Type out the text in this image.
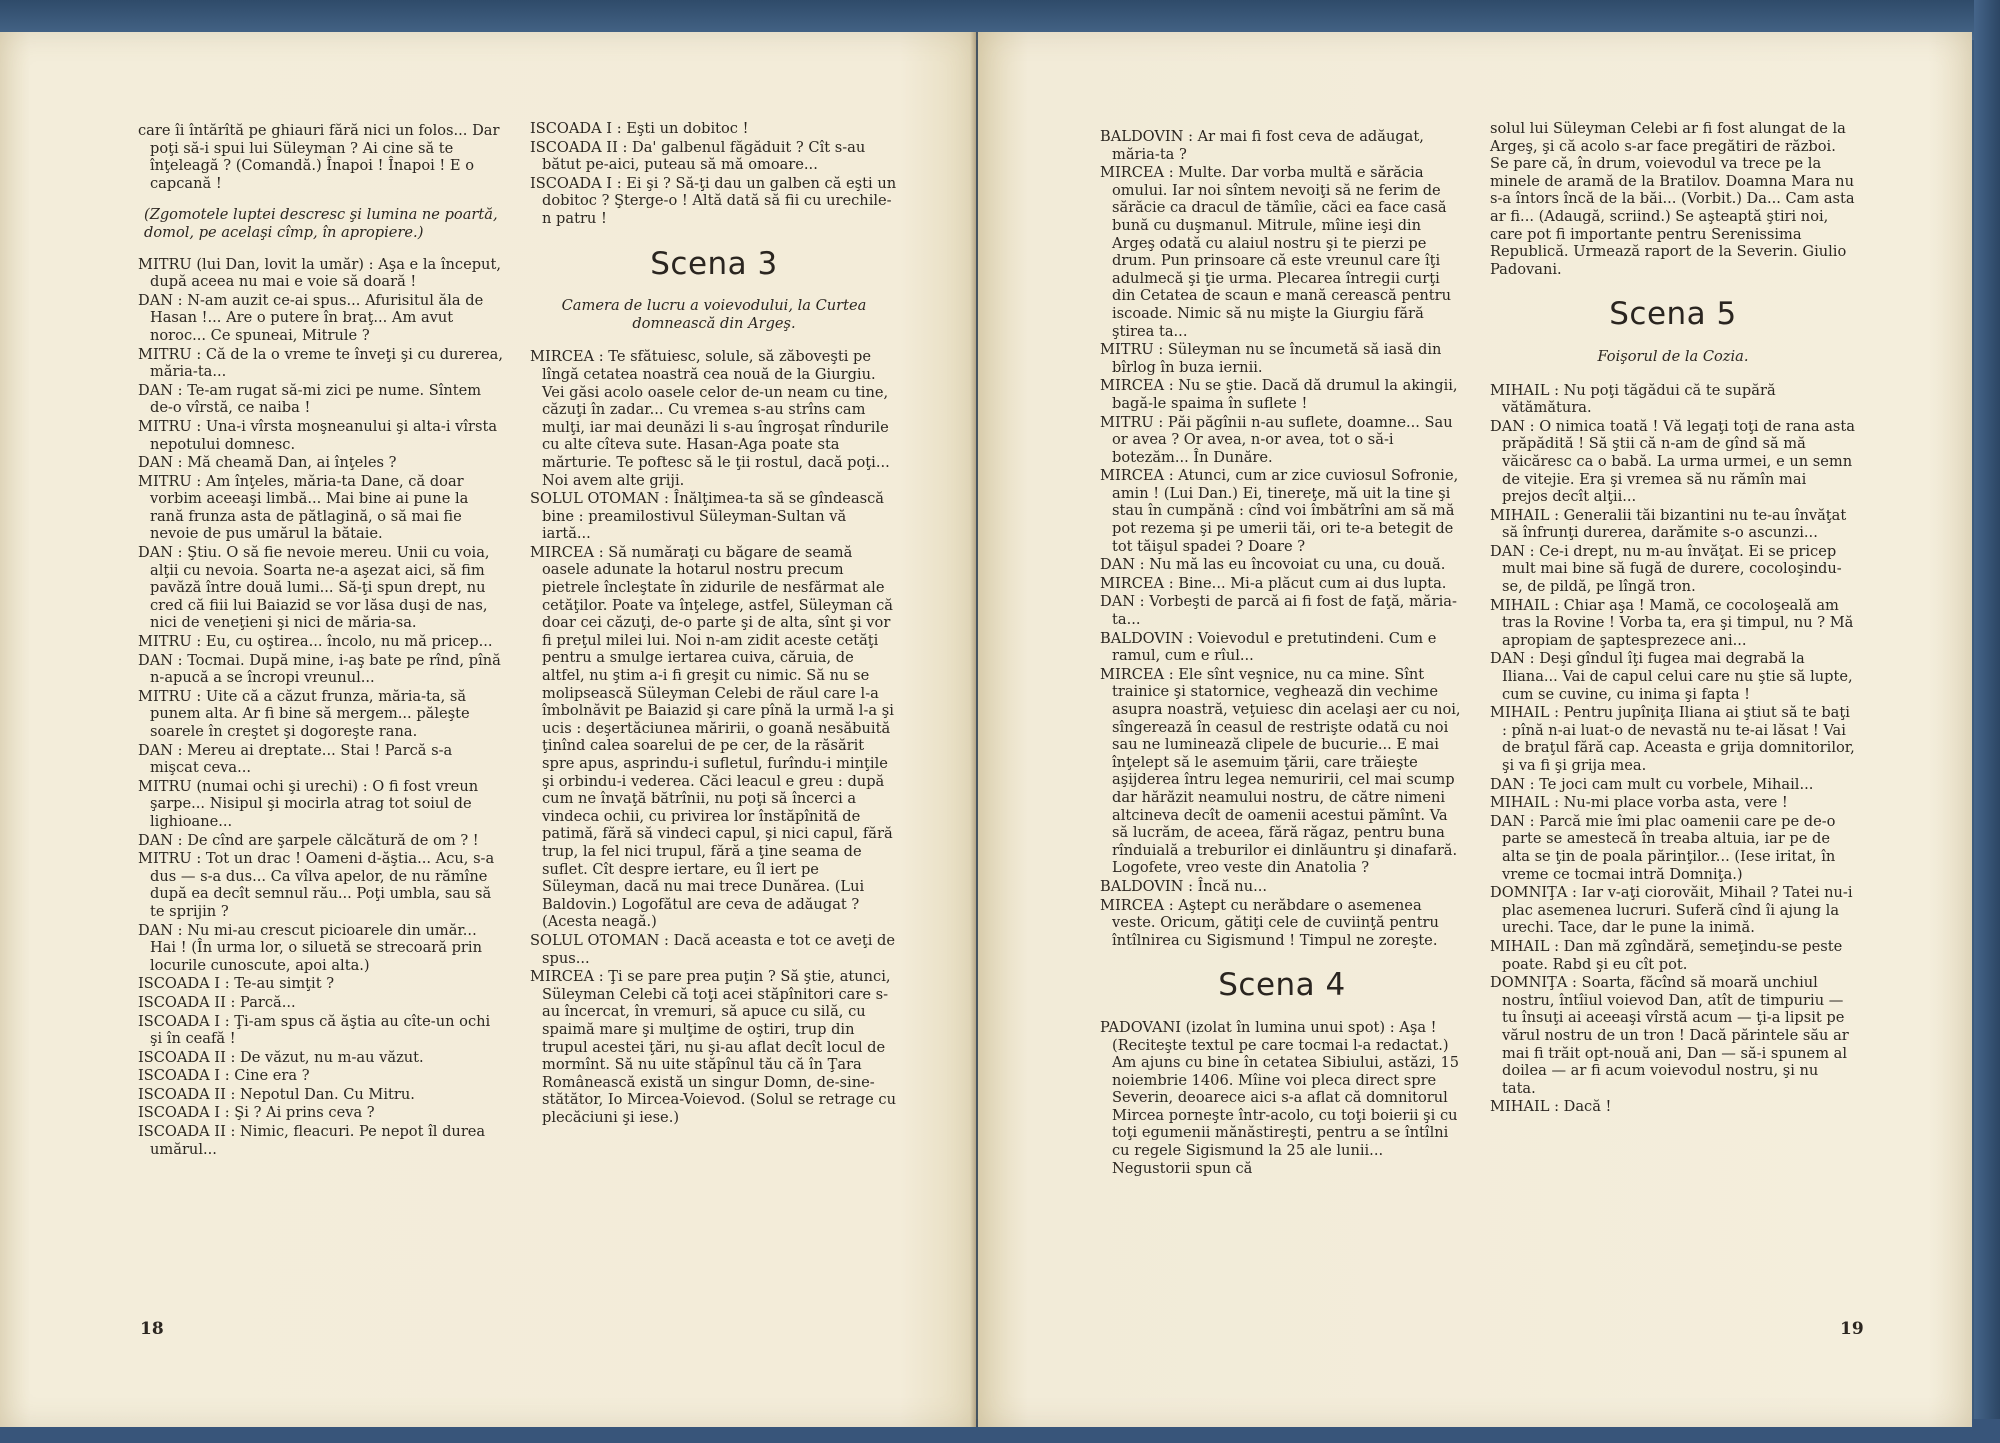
care îi întărîtă pe ghiauri fără nici un folos... Dar poţi să-i spui lui Süleyman ? Ai cine să te înţeleagă ? (Comandă.) Înapoi ! Înapoi ! E o capcană !

(Zgomotele luptei descresc şi lumina ne poartă, domol, pe acelaşi cîmp, în apropiere.)

MITRU (lui Dan, lovit la umăr) : Aşa e la început, după aceea nu mai e voie să doară !

DAN : N-am auzit ce-ai spus... Afurisitul ăla de Hasan !... Are o putere în braţ... Am avut noroc... Ce spuneai, Mitrule ?

MITRU : Că de la o vreme te înveţi şi cu durerea, măria-ta...

DAN : Te-am rugat să-mi zici pe nume. Sîntem de-o vîrstă, ce naiba !

MITRU : Una-i vîrsta moşneanului şi alta-i vîrsta nepotului domnesc.

DAN : Mă cheamă Dan, ai înţeles ?

MITRU : Am înţeles, măria-ta Dane, că doar vorbim aceeaşi limbă... Mai bine ai pune la rană frunza asta de pătlagină, o să mai fie nevoie de pus umărul la bătaie.

DAN : Ştiu. O să fie nevoie mereu. Unii cu voia, alţii cu nevoia. Soarta ne-a aşezat aici, să fim pavăză între două lumi... Să-ţi spun drept, nu cred că fiii lui Baiazid se vor lăsa duşi de nas, nici de veneţieni şi nici de măria-sa.

MITRU : Eu, cu oştirea... încolo, nu mă pricep...

DAN : Tocmai. După mine, i-aş bate pe rînd, pînă n-apucă a se încropi vreunul...

MITRU : Uite că a căzut frunza, măria-ta, să punem alta. Ar fi bine să mergem... păleşte soarele în creştet şi dogoreşte rana.

DAN : Mereu ai dreptate... Stai ! Parcă s-a mişcat ceva...

MITRU (numai ochi şi urechi) : O fi fost vreun şarpe... Nisipul şi mocirla atrag tot soiul de lighioane...

DAN : De cînd are şarpele călcătură de om ? !

MITRU : Tot un drac ! Oameni d-ăştia... Acu, s-a dus — s-a dus... Ca vîlva apelor, de nu rămîne după ea decît semnul rău... Poţi umbla, sau să te sprijin ?

DAN : Nu mi-au crescut picioarele din umăr... Hai ! (În urma lor, o siluetă se strecoară prin locurile cunoscute, apoi alta.)

ISCOADA I : Te-au simţit ?

ISCOADA II : Parcă...

ISCOADA I : Ţi-am spus că ăştia au cîte-un ochi şi în ceafă !

ISCOADA II : De văzut, nu m-au văzut.

ISCOADA I : Cine era ?

ISCOADA II : Nepotul Dan. Cu Mitru.

ISCOADA I : Şi ? Ai prins ceva ?

ISCOADA II : Nimic, fleacuri. Pe nepot îl durea umărul...

ISCOADA I : Eşti un dobitoc !

ISCOADA II : Da' galbenul făgăduit ? Cît s-au bătut pe-aici, puteau să mă omoare...

ISCOADA I : Ei şi ? Să-ţi dau un galben că eşti un dobitoc ? Şterge-o ! Altă dată să fii cu urechile-n patru !

Scena 3
Camera de lucru a voievodului, la Curtea domnească din Argeş.

MIRCEA : Te sfătuiesc, solule, să zăboveşti pe lîngă cetatea noastră cea nouă de la Giurgiu. Vei găsi acolo oasele celor de-un neam cu tine, căzuţi în zadar... Cu vremea s-au strîns cam mulţi, iar mai deunăzi li s-au îngroşat rîndurile cu alte cîteva sute. Hasan-Aga poate sta mărturie. Te poftesc să le ţii rostul, dacă poţi... Noi avem alte griji.

SOLUL OTOMAN : Înălţimea-ta să se gîndească bine : preamilostivul Süleyman-Sultan vă iartă...

MIRCEA : Să număraţi cu băgare de seamă oasele adunate la hotarul nostru precum pietrele încleştate în zidurile de nesfărmat ale cetăţilor. Poate va înţelege, astfel, Süleyman că doar cei căzuţi, de-o parte şi de alta, sînt şi vor fi preţul milei lui. Noi n-am zidit aceste cetăţi pentru a smulge iertarea cuiva, căruia, de altfel, nu ştim a-i fi greşit cu nimic. Să nu se molipsească Süleyman Celebi de răul care l-a îmbolnăvit pe Baiazid şi care pînă la urmă l-a şi ucis : deşertăciunea măririi, o goană nesăbuită ţinînd calea soarelui de pe cer, de la răsărit spre apus, asprindu-i sufletul, furîndu-i minţile şi orbindu-i vederea. Căci leacul e greu : după cum ne învaţă bătrînii, nu poţi să încerci a vindeca ochii, cu privirea lor înstăpînită de patimă, fără să vindeci capul, şi nici capul, fără trup, la fel nici trupul, fără a ţine seama de suflet. Cît despre iertare, eu îl iert pe Süleyman, dacă nu mai trece Dunărea. (Lui Baldovin.) Logofătul are ceva de adăugat ? (Acesta neagă.)

SOLUL OTOMAN : Dacă aceasta e tot ce aveţi de spus...

MIRCEA : Ţi se pare prea puţin ? Să ştie, atunci, Süleyman Celebi că toţi acei stăpînitori care s-au încercat, în vremuri, să apuce cu silă, cu spaimă mare şi mulţime de oştiri, trup din trupul acestei ţări, nu şi-au aflat decît locul de mormînt. Să nu uite stăpînul tău că în Ţara Românească există un singur Domn, de-sine-stătător, Io Mircea-Voievod. (Solul se retrage cu plecăciuni şi iese.)

18

BALDOVIN : Ar mai fi fost ceva de adăugat, măria-ta ?

MIRCEA : Multe. Dar vorba multă e sărăcia omului. Iar noi sîntem nevoiţi să ne ferim de sărăcie ca dracul de tămîie, căci ea face casă bună cu duşmanul. Mitrule, mîine ieşi din Argeş odată cu alaiul nostru şi te pierzi pe drum. Pun prinsoare că este vreunul care îţi adulmecă şi ţie urma. Plecarea întregii curţi din Cetatea de scaun e mană cerească pentru iscoade. Nimic să nu mişte la Giurgiu fără ştirea ta...

MITRU : Süleyman nu se încumetă să iasă din bîrlog în buza iernii.

MIRCEA : Nu se ştie. Dacă dă drumul la akingii, bagă-le spaima în suflete !

MITRU : Păi păgînii n-au suflete, doamne... Sau or avea ? Or avea, n-or avea, tot o să-i botezăm... În Dunăre.

MIRCEA : Atunci, cum ar zice cuviosul Sofronie, amin ! (Lui Dan.) Ei, tinereţe, mă uit la tine şi stau în cumpănă : cînd voi îmbătrîni am să mă pot rezema şi pe umerii tăi, ori te-a betegit de tot tăişul spadei ? Doare ?

DAN : Nu mă las eu încovoiat cu una, cu două.

MIRCEA : Bine... Mi-a plăcut cum ai dus lupta.

DAN : Vorbeşti de parcă ai fi fost de faţă, măria-ta...

BALDOVIN : Voievodul e pretutindeni. Cum e ramul, cum e rîul...

MIRCEA : Ele sînt veşnice, nu ca mine. Sînt trainice şi statornice, veghează din vechime asupra noastră, veţuiesc din acelaşi aer cu noi, sîngerează în ceasul de restrişte odată cu noi sau ne luminează clipele de bucurie... E mai înţelept să le asemuim ţării, care trăieşte aşijderea întru legea nemuririi, cel mai scump dar hărăzit neamului nostru, de către nimeni altcineva decît de oamenii acestui pămînt. Va să lucrăm, de aceea, fără răgaz, pentru buna rînduială a treburilor ei dinlăuntru şi dinafară. Logofete, vreo veste din Anatolia ?

BALDOVIN : Încă nu...

MIRCEA : Aştept cu nerăbdare o asemenea veste. Oricum, gătiţi cele de cuviinţă pentru întîlnirea cu Sigismund ! Timpul ne zoreşte.

Scena 4

PADOVANI (izolat în lumina unui spot) : Aşa ! (Reciteşte textul pe care tocmai l-a redactat.) Am ajuns cu bine în cetatea Sibiului, astăzi, 15 noiembrie 1406. Mîine voi pleca direct spre Severin, deoarece aici s-a aflat că domnitorul Mircea porneşte într-acolo, cu toţi boierii şi cu toţi egumenii mănăstireşti, pentru a se întîlni cu regele Sigismund la 25 ale lunii... Negustorii spun că

solul lui Süleyman Celebi ar fi fost alungat de la Argeş, şi că acolo s-ar face pregătiri de război. Se pare că, în drum, voievodul va trece pe la minele de aramă de la Bratilov. Doamna Mara nu s-a întors încă de la băi... (Vorbit.) Da... Cam asta ar fi... (Adaugă, scriind.) Se aşteaptă ştiri noi, care pot fi importante pentru Serenissima Republică. Urmează raport de la Severin. Giulio Padovani.

Scena 5
Foişorul de la Cozia.

MIHAIL : Nu poţi tăgădui că te supără vătămătura.

DAN : O nimica toată ! Vă legaţi toţi de rana asta prăpădită ! Să ştii că n-am de gînd să mă văicăresc ca o babă. La urma urmei, e un semn de vitejie. Era şi vremea să nu rămîn mai prejos decît alţii...

MIHAIL : Generalii tăi bizantini nu te-au învăţat să înfrunţi durerea, darămite s-o ascunzi...

DAN : Ce-i drept, nu m-au învăţat. Ei se pricep mult mai bine să fugă de durere, cocoloşindu-se, de pildă, pe lîngă tron.

MIHAIL : Chiar aşa ! Mamă, ce cocoloşeală am tras la Rovine ! Vorba ta, era şi timpul, nu ? Mă apropiam de şaptesprezece ani...

DAN : Deşi gîndul îţi fugea mai degrabă la Iliana... Vai de capul celui care nu ştie să lupte, cum se cuvine, cu inima şi fapta !

MIHAIL : Pentru jupîniţa Iliana ai ştiut să te baţi : pînă n-ai luat-o de nevastă nu te-ai lăsat ! Vai de braţul fără cap. Aceasta e grija domnitorilor, şi va fi şi grija mea.

DAN : Te joci cam mult cu vorbele, Mihail...

MIHAIL : Nu-mi place vorba asta, vere !

DAN : Parcă mie îmi plac oamenii care pe de-o parte se amestecă în treaba altuia, iar pe de alta se ţin de poala părinţilor... (Iese iritat, în vreme ce tocmai intră Domniţa.)

DOMNIŢA : Iar v-aţi ciorovăit, Mihail ? Tatei nu-i plac asemenea lucruri. Suferă cînd îi ajung la urechi. Tace, dar le pune la inimă.

MIHAIL : Dan mă zgîndără, semeţindu-se peste poate. Rabd şi eu cît pot.

DOMNIŢA : Soarta, făcînd să moară unchiul nostru, întîiul voievod Dan, atît de timpuriu — tu însuţi ai aceeaşi vîrstă acum — ţi-a lipsit pe vărul nostru de un tron ! Dacă părintele său ar mai fi trăit opt-nouă ani, Dan — să-i spunem al doilea — ar fi acum voievodul nostru, şi nu tata.

MIHAIL : Dacă !

19
